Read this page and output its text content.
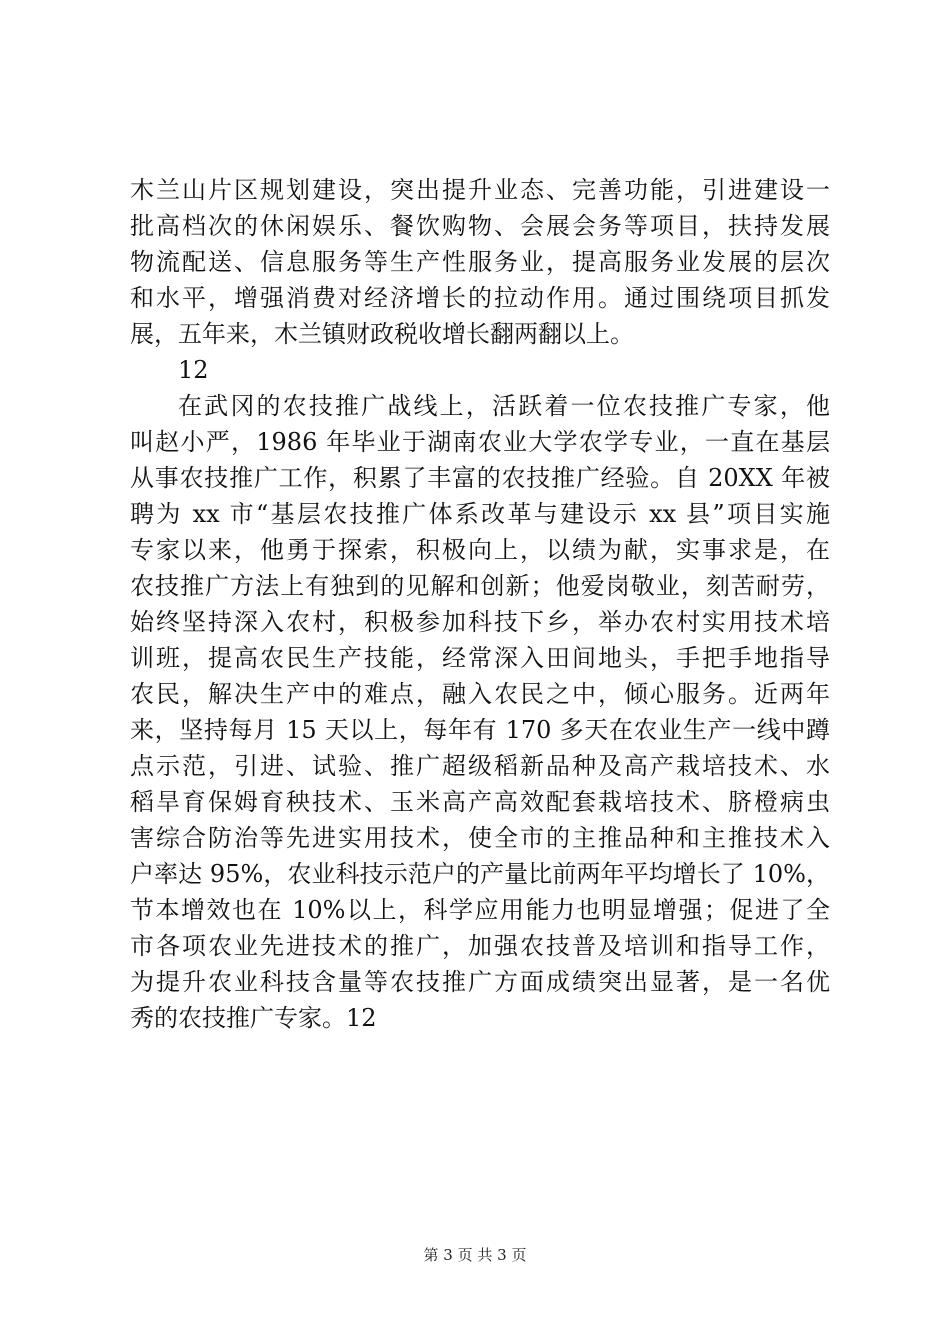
木兰山片区规划建设，突出提升业态、完善功能，引进建设一
批高档次的休闲娱乐、餐饮购物、会展会务等项目，扶持发展
物流配送、信息服务等生产性服务业，提高服务业发展的层次
和水平，增强消费对经济增长的拉动作用。通过围绕项目抓发
展，五年来，木兰镇财政税收增长翻两翻以上。
12
在武冈的农技推广战线上，活跃着一位农技推广专家，他
叫赵小严，1986 年毕业于湖南农业大学农学专业，一直在基层
从事农技推广工作，积累了丰富的农技推广经验。自 20XX 年被
聘为 xx 市“基层农技推广体系改革与建设示 xx 县”项目实施
专家以来，他勇于探索，积极向上，以绩为献，实事求是，在
农技推广方法上有独到的见解和创新；他爱岗敬业，刻苦耐劳，
始终坚持深入农村，积极参加科技下乡，举办农村实用技术培
训班，提高农民生产技能，经常深入田间地头，手把手地指导
农民，解决生产中的难点，融入农民之中，倾心服务。近两年
来，坚持每月 15 天以上，每年有 170 多天在农业生产一线中蹲
点示范，引进、试验、推广超级稻新品种及高产栽培技术、水
稻旱育保姆育秧技术、玉米高产高效配套栽培技术、脐橙病虫
害综合防治等先进实用技术，使全市的主推品种和主推技术入
户率达 95%，农业科技示范户的产量比前两年平均增长了 10%，
节本增效也在 10%以上，科学应用能力也明显增强；促进了全
市各项农业先进技术的推广，加强农技普及培训和指导工作，
为提升农业科技含量等农技推广方面成绩突出显著，是一名优
秀的农技推广专家。12
第 3 页 共 3 页
